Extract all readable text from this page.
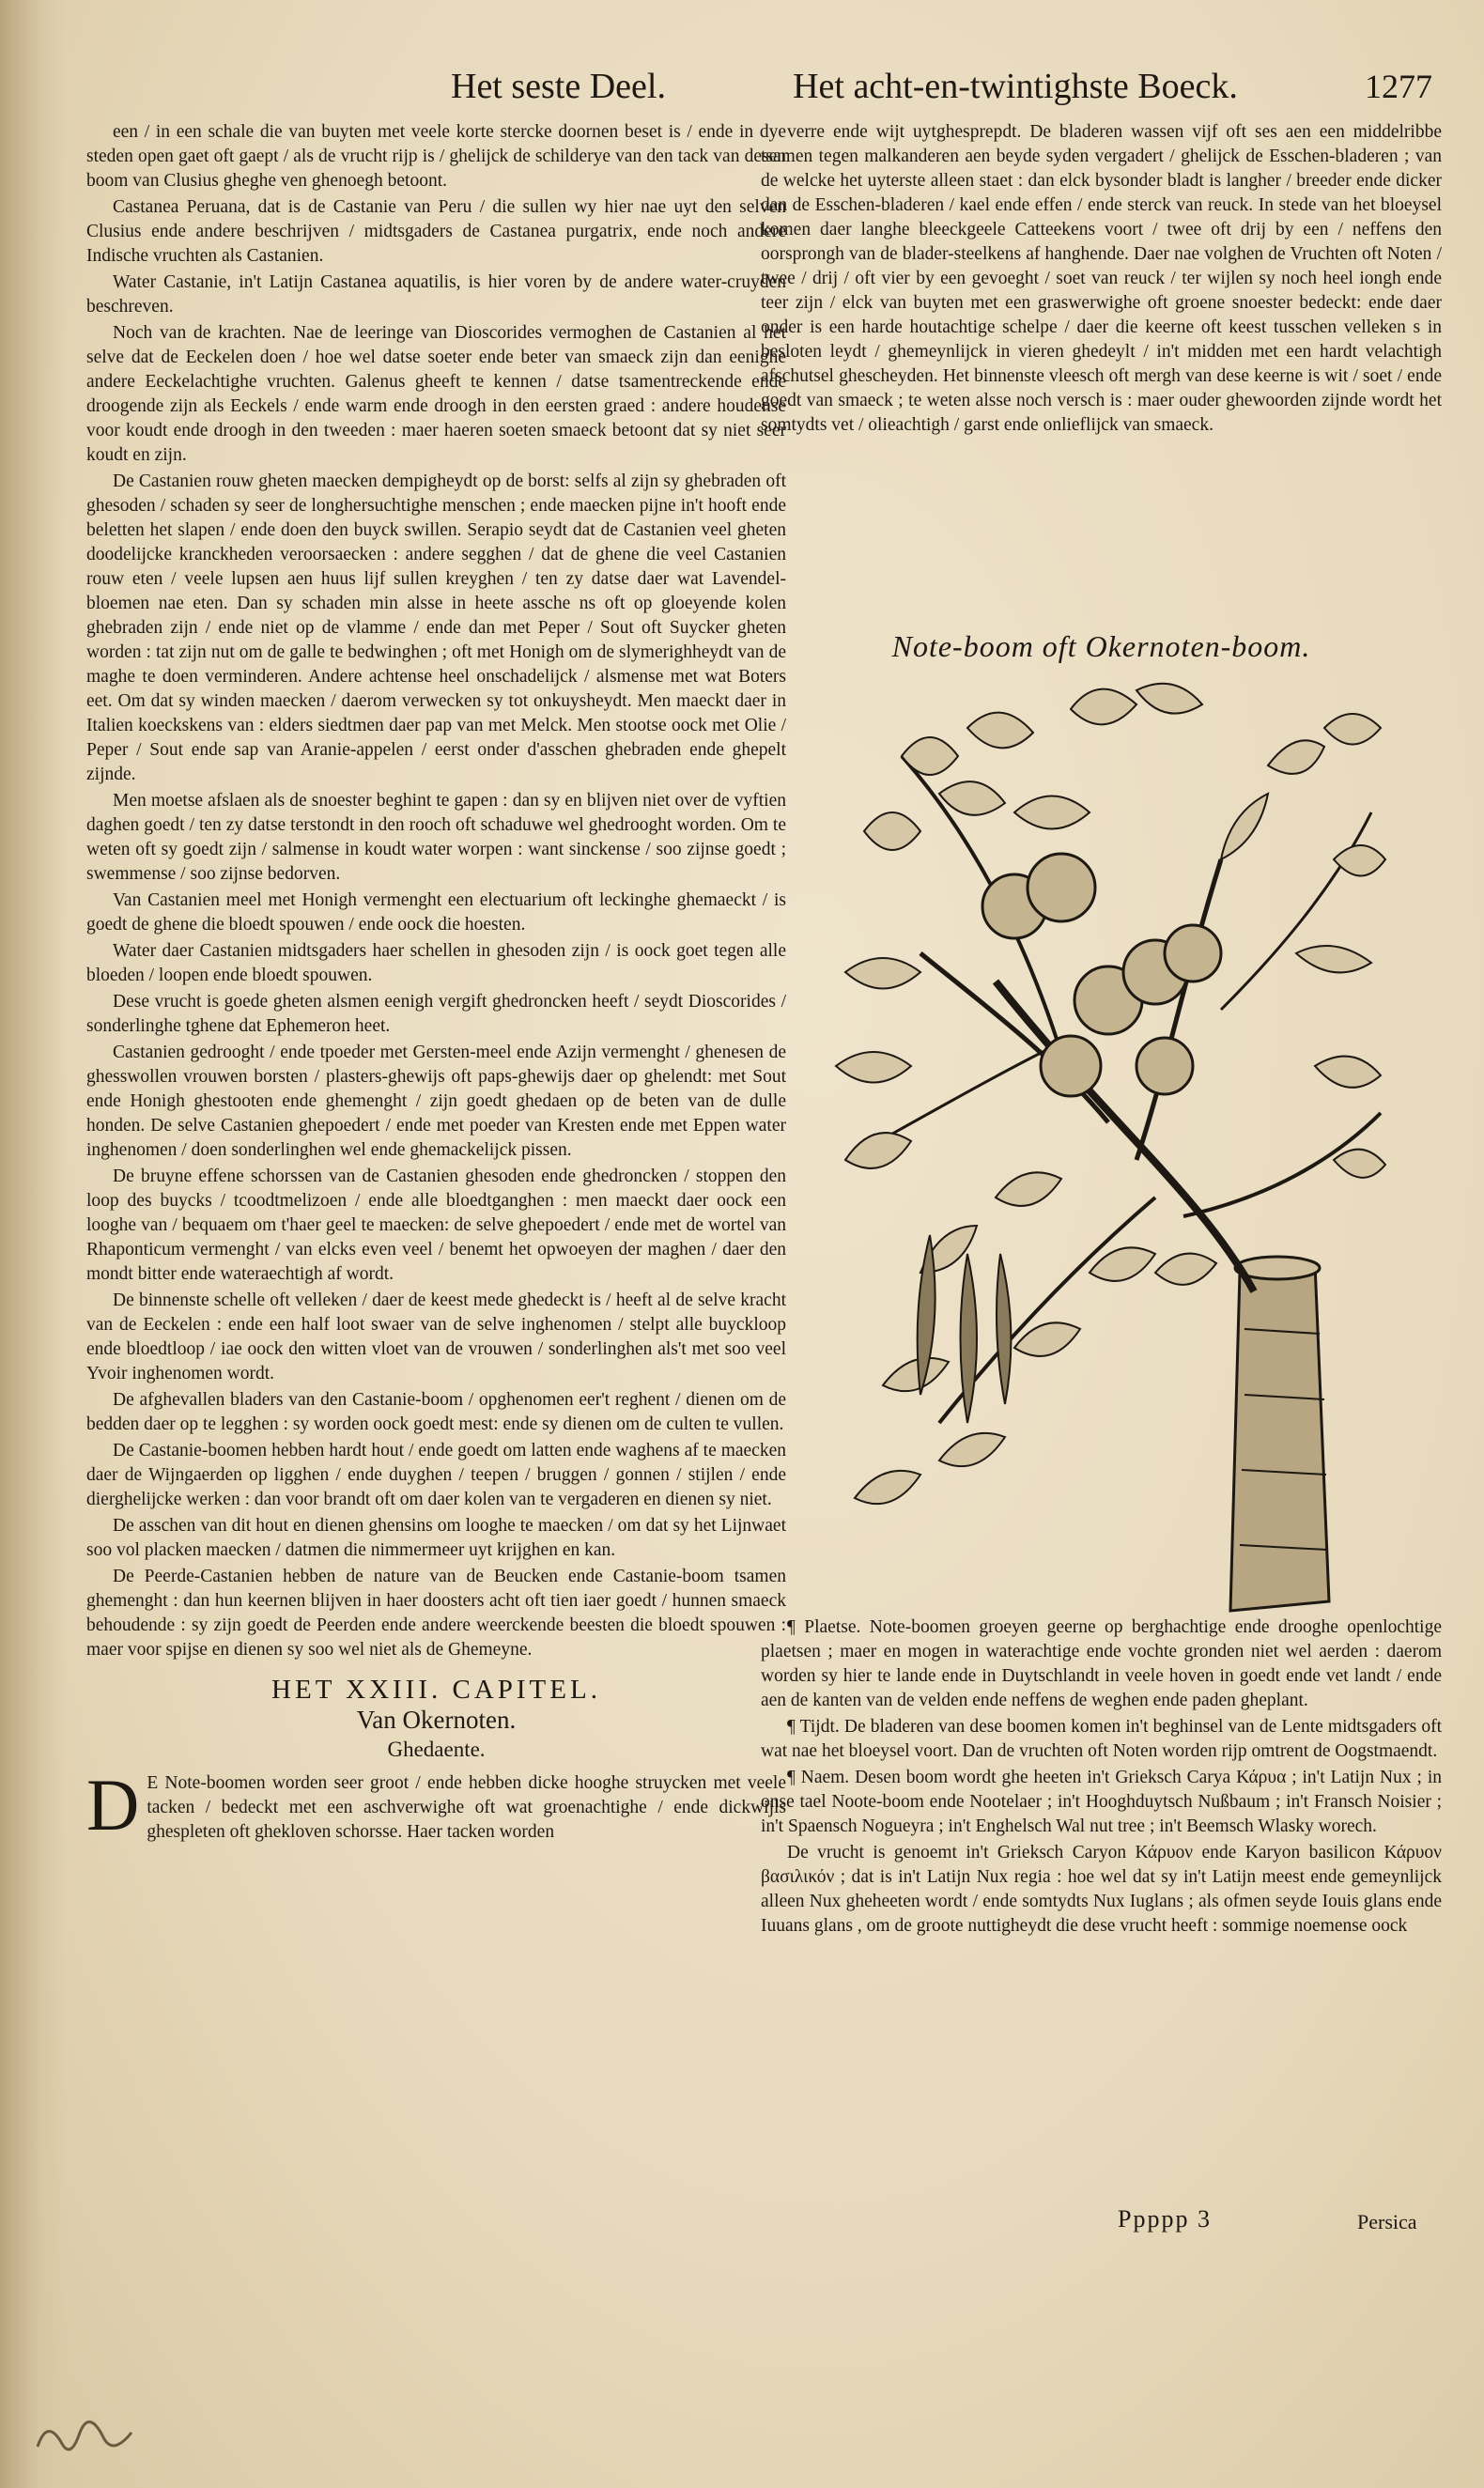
Het seste Deel.	Het acht-en-twintighste Boeck.	1277

een / in een schale die van buyten met veele korte stercke doornen beset is / ende in dye steden open gaet oft gaept / als de vrucht rijp is / ghelijck de schilderye van den tack van desen boom van Clusius gheghe ven ghenoegh betoont.

Castanea Peruana, dat is de Castanie van Peru / die sullen wy hier nae uyt den selven Clusius ende andere beschrijven / midtsgaders de Castanea purgatrix, ende noch andere Indische vruchten als Castanien.

Water Castanie, in't Latijn Castanea aquatilis, is hier voren by de andere water-cruyden beschreven.

Noch van de krachten. Nae de leeringe van Dioscorides vermoghen de Castanien al het selve dat de Eeckelen doen / hoe wel datse soeter ende beter van smaeck zijn dan eenighe andere Eeckelachtighe vruchten. Galenus gheeft te kennen / datse tsamentreckende ende droogende zijn als Eeckels / ende warm ende droogh in den eersten graed : andere houdense voor koudt ende droogh in den tweeden : maer haeren soeten smaeck betoont dat sy niet seer koudt en zijn.

De Castanien rouw gheten maecken dempigheydt op de borst: selfs al zijn sy ghebraden oft ghesoden / schaden sy seer de longhersuchtighe menschen ; ende maecken pijne in't hooft ende beletten het slapen / ende doen den buyck swillen. Serapio seydt dat de Castanien veel gheten doodelijcke kranckheden veroorsaecken : andere segghen / dat de ghene die veel Castanien rouw eten / veele lupsen aen huus lijf sullen kreyghen / ten zy datse daer wat Lavendel-bloemen nae eten. Dan sy schaden min alsse in heete assche ns oft op gloeyende kolen ghebraden zijn / ende niet op de vlamme / ende dan met Peper / Sout oft Suycker gheten worden : tat zijn nut om de galle te bedwinghen ; oft met Honigh om de slymerighheydt van de maghe te doen verminderen. Andere achtense heel onschadelijck / alsmense met wat Boters eet. Om dat sy winden maecken / daerom verwecken sy tot onkuysheydt. Men maeckt daer in Italien koeckskens van : elders siedtmen daer pap van met Melck. Men stootse oock met Olie / Peper / Sout ende sap van Aranie-appelen / eerst onder d'asschen ghebraden ende ghepelt zijnde.

Men moetse afslaen als de snoester beghint te gapen : dan sy en blijven niet over de vyftien daghen goedt / ten zy datse terstondt in den rooch oft schaduwe wel ghedrooght worden. Om te weten oft sy goedt zijn / salmense in koudt water worpen : want sinckense / soo zijnse goedt ; swemmense / soo zijnse bedorven.

Van Castanien meel met Honigh vermenght een electuarium oft leckinghe ghemaeckt / is goedt de ghene die bloedt spouwen / ende oock die hoesten.

Water daer Castanien midtsgaders haer schellen in ghesoden zijn / is oock goet tegen alle bloeden / loopen ende bloedt spouwen.

Dese vrucht is goede gheten alsmen eenigh vergift ghedroncken heeft / seydt Dioscorides / sonderlinghe tghene dat Ephemeron heet.

Castanien gedrooght / ende tpoeder met Gersten-meel ende Azijn vermenght / ghenesen de ghesswollen vrouwen borsten / plasters-ghewijs oft paps-ghewijs daer op ghelendt: met Sout ende Honigh ghestooten ende ghemenght / zijn goedt ghedaen op de beten van de dulle honden. De selve Castanien ghepoedert / ende met poeder van Kresten ende met Eppen water inghenomen / doen sonderlinghen wel ende ghemackelijck pissen.

De bruyne effene schorssen van de Castanien ghesoden ende ghedroncken / stoppen den loop des buycks / tcoodtmelizoen / ende alle bloedtganghen : men maeckt daer oock een looghe van / bequaem om t'haer geel te maecken: de selve ghepoedert / ende met de wortel van Rhaponticum vermenght / van elcks even veel / benemt het opwoeyen der maghen / daer den mondt bitter ende wateraechtigh af wordt.

De binnenste schelle oft velleken / daer de keest mede ghedeckt is / heeft al de selve kracht van de Eeckelen : ende een half loot swaer van de selve inghenomen / stelpt alle buyckloop ende bloedtloop / iae oock den witten vloet van de vrouwen / sonderlinghen als't met soo veel Yvoir inghenomen wordt.

De afghevallen bladers van den Castanie-boom / opghenomen eer't reghent / dienen om de bedden daer op te legghen : sy worden oock goedt mest: ende sy dienen om de culten te vullen.

De Castanie-boomen hebben hardt hout / ende goedt om latten ende waghens af te maecken daer de Wijngaerden op ligghen / ende duyghen / teepen / bruggen / gonnen / stijlen / ende dierghelijcke werken : dan voor brandt oft om daer kolen van te vergaderen en dienen sy niet.

De asschen van dit hout en dienen ghensins om looghe te maecken / om dat sy het Lijnwaet soo vol placken maecken / datmen die nimmermeer uyt krijghen en kan.

De Peerde-Castanien hebben de nature van de Beucken ende Castanie-boom tsamen ghemenght : dan hun keernen blijven in haer doosters acht oft tien iaer goedt / hunnen smaeck behoudende : sy zijn goedt de Peerden ende andere weerckende beesten die bloedt spouwen : maer voor spijse en dienen sy soo wel niet als de Ghemeyne.

HET XXIII. CAPITEL.
Van Okernoten.
Ghedaente.

D E Note-boomen worden seer groot / ende hebben dicke hooghe struycken met veele tacken / bedeckt met een aschverwighe oft wat groenachtighe / ende dickwijls ghespleten oft ghekloven schorsse. Haer tacken worden

verre ende wijt uytghesprepdt. De bladeren wassen vijf oft ses aen een middelribbe tsamen tegen malkanderen aen beyde syden vergadert / ghelijck de Esschen-bladeren ; van de welcke het uyterste alleen staet : dan elck bysonder bladt is langher / breeder ende dicker dan de Esschen-bladeren / kael ende effen / ende sterck van reuck. In stede van het bloeysel komen daer langhe bleeckgeele Catteekens voort / twee oft drij by een / neffens den oorsprongh van de blader-steelkens af hanghende. Daer nae volghen de Vruchten oft Noten / twee / drij / oft vier by een gevoeght / soet van reuck / ter wijlen sy noch heel iongh ende teer zijn / elck van buyten met een graswerwighe oft groene snoester bedeckt: ende daer onder is een harde houtachtige schelpe / daer die keerne oft keest tusschen velleken s in besloten leydt / ghemeynlijck in vieren ghedeylt / in't midden met een hardt velachtigh afschutsel ghescheyden. Het binnenste vleesch oft mergh van dese keerne is wit / soet / ende goedt van smaeck ; te weten alsse noch versch is : maer ouder ghewoorden zijnde wordt het somtydts vet / olieachtigh / garst ende onlieflijck van smaeck.

Note-boom oft Okernoten-boom.

¶ Plaetse. Note-boomen groeyen geerne op berghachtige ende drooghe openlochtige plaetsen ; maer en mogen in waterachtige ende vochte gronden niet wel aerden : daerom worden sy hier te lande ende in Duytschlandt in veele hoven in goedt ende vet landt / ende aen de kanten van de velden ende neffens de weghen ende paden gheplant.

¶ Tijdt. De bladeren van dese boomen komen in't beghinsel van de Lente midtsgaders oft wat nae het bloeysel voort. Dan de vruchten oft Noten worden rijp omtrent de Oogstmaendt.

¶ Naem. Desen boom wordt ghe heeten in't Grieksch Carya Κάρυα ; in't Latijn Nux ; in onse tael Noote-boom ende Nootelaer ; in't Hooghduytsch Nußbaum ; in't Fransch Noisier ; in't Spaensch Nogueyra ; in't Enghelsch Wal nut tree ; in't Beemsch Wlasky worech.

De vrucht is genoemt in't Grieksch Caryon Κάρυον ende Karyon basilicon Κάρυον βασιλικόν ; dat is in't Latijn Nux regia : hoe wel dat sy in't Latijn meest ende gemeynlijck alleen Nux gheheeten wordt / ende somtydts Nux Iuglans ; als ofmen seyde Iouis glans ende Iuuans glans , om de groote nuttigheydt die dese vrucht heeft : sommige noemense oock

Ppppp 3	Persica
